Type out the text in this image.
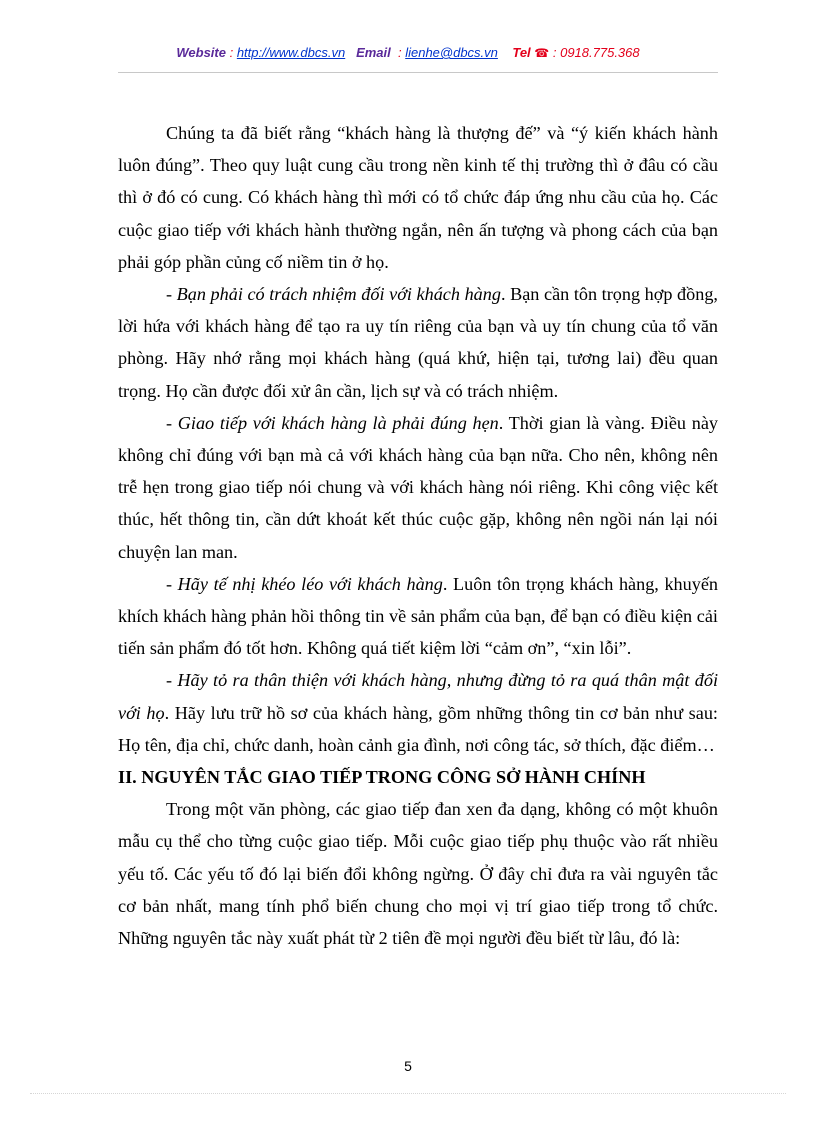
Website : http://www.dbcs.vn Email  : lienhe@dbcs.vn Tel ☎ : 0918.775.368

Chúng ta đã biết rằng “khách hàng là thượng đế” và “ý kiến khách hành luôn đúng”. Theo quy luật cung cầu trong nền kinh tế thị trường thì ở đâu có cầu thì ở đó có cung. Có khách hàng thì mới có tổ chức đáp ứng nhu cầu của họ. Các cuộc giao tiếp với khách hành thường ngắn, nên ấn tượng và phong cách của bạn phải góp phần củng cố niềm tin ở họ.

- Bạn phải có trách nhiệm đối với khách hàng. Bạn cần tôn trọng hợp đồng, lời hứa với khách hàng để tạo ra uy tín riêng của bạn và uy tín chung của tổ văn phòng. Hãy nhớ rằng mọi khách hàng (quá khứ, hiện tại, tương lai) đều quan trọng. Họ cần được đối xử ân cần, lịch sự và có trách nhiệm.

- Giao tiếp với khách hàng là phải đúng hẹn. Thời gian là vàng. Điều này không chỉ đúng với bạn mà cả với khách hàng của bạn nữa. Cho nên, không nên trễ hẹn trong giao tiếp nói chung và với khách hàng nói riêng. Khi công việc kết thúc, hết thông tin, cần dứt khoát kết thúc cuộc gặp, không nên ngồi nán lại nói chuyện lan man.

- Hãy tế nhị khéo léo với khách hàng. Luôn tôn trọng khách hàng, khuyến khích khách hàng phản hồi thông tin về sản phẩm của bạn, để bạn có điều kiện cải tiến sản phẩm đó tốt hơn. Không quá tiết kiệm lời “cảm ơn”, “xin lỗi”.

- Hãy tỏ ra thân thiện với khách hàng, nhưng đừng tỏ ra quá thân mật đối với họ. Hãy lưu trữ hồ sơ của khách hàng, gồm những thông tin cơ bản như sau: Họ tên, địa chỉ, chức danh, hoàn cảnh gia đình, nơi công tác, sở thích, đặc điểm…

II. NGUYÊN TẮC GIAO TIẾP TRONG CÔNG SỞ HÀNH CHÍNH

Trong một văn phòng, các giao tiếp đan xen đa dạng, không có một khuôn mẫu cụ thể cho từng cuộc giao tiếp. Mỗi cuộc giao tiếp phụ thuộc vào rất nhiều yếu tố. Các yếu tố đó lại biến đổi không ngừng. Ở đây chỉ đưa ra vài nguyên tắc cơ bản nhất, mang tính phổ biến chung cho mọi vị trí giao tiếp trong tổ chức. Những nguyên tắc này xuất phát từ 2 tiên đề mọi người đều biết từ lâu, đó là:

5
